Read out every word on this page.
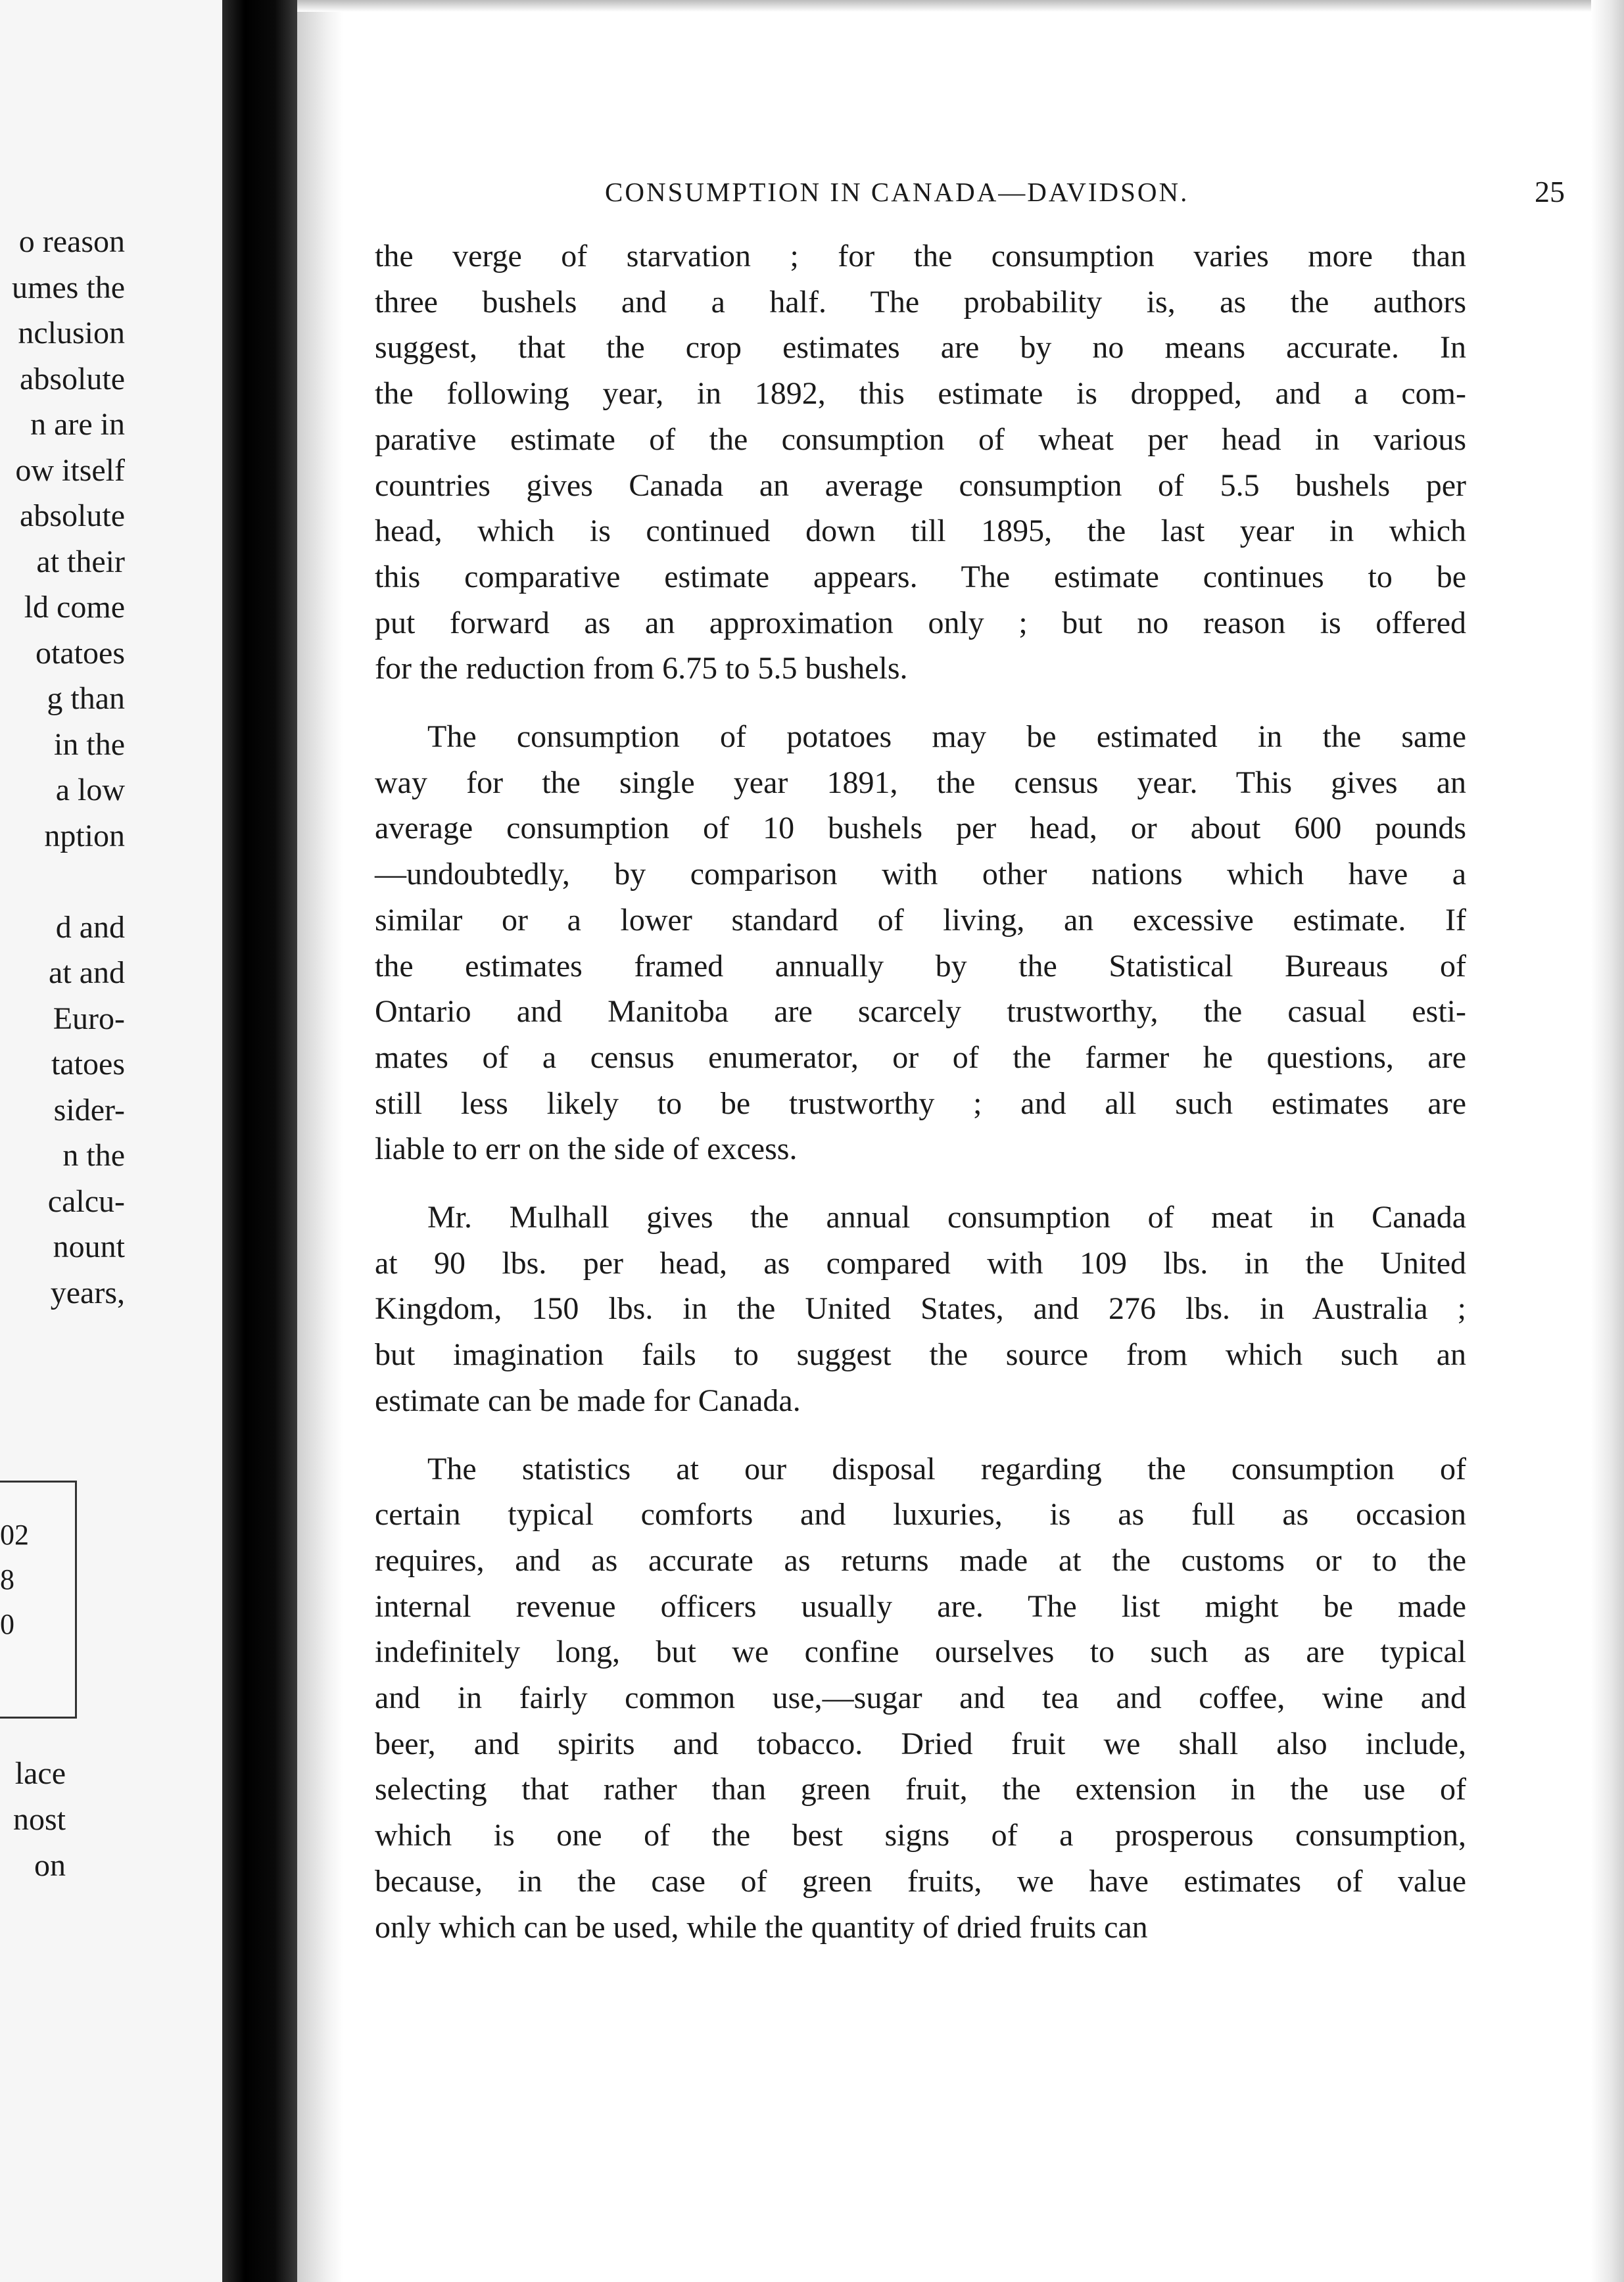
o reason
umes the
nclusion
absolute
n are in
ow itself
absolute
at their
ld come
otatoes
g than
in the
a low
nption
d and
at and
Euro-
tatoes
sider-
n the
calcu-
nount
years,
02
8
0
lace
nost
on
CONSUMPTION IN CANADA—DAVIDSON.	25
the verge of starvation ; for the consumption varies more than
three bushels and a half. The probability is, as the authors
suggest, that the crop estimates are by no means accurate. In
the following year, in 1892, this estimate is dropped, and a com-
parative estimate of the consumption of wheat per head in various
countries gives Canada an average consumption of 5.5 bushels per
head, which is continued down till 1895, the last year in which
this comparative estimate appears. The estimate continues to be
put forward as an approximation only ; but no reason is offered
for the reduction from 6.75 to 5.5 bushels.
The consumption of potatoes may be estimated in the same
way for the single year 1891, the census year. This gives an
average consumption of 10 bushels per head, or about 600 pounds
—undoubtedly, by comparison with other nations which have a
similar or a lower standard of living, an excessive estimate. If
the estimates framed annually by the Statistical Bureaus of
Ontario and Manitoba are scarcely trustworthy, the casual esti-
mates of a census enumerator, or of the farmer he questions, are
still less likely to be trustworthy ; and all such estimates are
liable to err on the side of excess.
Mr. Mulhall gives the annual consumption of meat in Canada
at 90 lbs. per head, as compared with 109 lbs. in the United
Kingdom, 150 lbs. in the United States, and 276 lbs. in Australia ;
but imagination fails to suggest the source from which such an
estimate can be made for Canada.
The statistics at our disposal regarding the consumption of
certain typical comforts and luxuries, is as full as occasion
requires, and as accurate as returns made at the customs or to the
internal revenue officers usually are. The list might be made
indefinitely long, but we confine ourselves to such as are typical
and in fairly common use,—sugar and tea and coffee, wine and
beer, and spirits and tobacco. Dried fruit we shall also include,
selecting that rather than green fruit, the extension in the use of
which is one of the best signs of a prosperous consumption,
because, in the case of green fruits, we have estimates of value
only which can be used, while the quantity of dried fruits can
